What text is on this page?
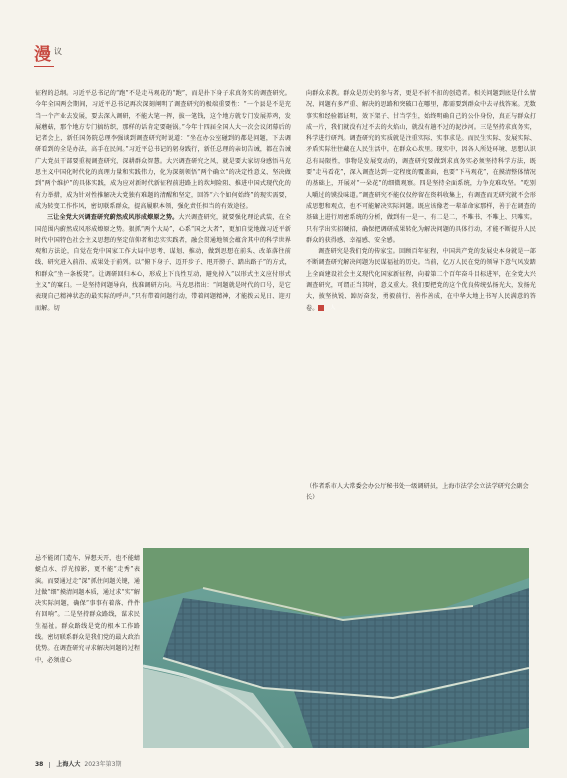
漫 议

征程的总纲。习近平总书记的“跑”不是走马观花的“跑”，而是扑下身子求真务实的调查研究。今年全国两会期间，习近平总书记再次深刻阐明了调查研究的极端重要性：“一个县是不是充当一个产业去发展，要去深入调研，不能大笔一挥，拔一笔钱，这个地方就专门发展养鸡，发展蘑菇，那个地方专门搞纺织，那样的话肯定要砸锅。”今年十四届全国人大一次会议闭幕后的记者会上，新任国务院总理李强谈到调查研究时说道：“坐在办公室碰到的都是问题，下去调研看到的全是办法，高手在民间。”习近平总书记的躬身践行，新任总理的亲切告诫，都在告诫广大党员干部要重视调查研究，深耕群众智慧。大兴调查研究之风，就是要大家切身感悟马克思主义中国化时代化的真理力量和实践伟力，化为深刻领悟“两个确立”的决定性意义、坚决做到“两个维护”的具体实践，成为应对新时代新征程前进路上的坎坷险阻、推进中国式现代化的有力举措，成为针对性推解决大党独有难题的清醒和坚定，回答“六个如何始终”的现实需要，成为转变工作作风，密切联系群众，提高履职本领，强化责任担当的有效途径。

三让全党大兴调查研究蔚然成风形成燎原之势。大兴调查研究，就要强化理论武装，在全国范围内蔚然成风形成燎原之势。狠抓“两个大局”，心系“国之大者”，更加自觉地做习近平新时代中国特色社会主义思想的坚定信仰者和忠实实践者，融会贯通地领会蕴含其中的科学世界观和方法论，自觉在党中国家工作大局中思考、谋划、推动，做到思想在前头、改革落往前线、研究进入前沿、成果处于前列。以“俯下身子、迈开步子、甩开膀子、踏出路子”的方式，和群众“坐一条板凳”。让调研回归本心，形成上下良性互动，避免掉入“以形式主义应付形式主义”的窠臼。一是坚持问题导向，找准调研方向。马克思指出：“问题就是时代的口号，是它表现自己精神状态的最实际的呼声。”只有带着问题行动，带着问题精神，才能拨云见日、迎刃而解。切

忌不能闭门造车、异想天开，也不能蜻蜓点水、浮光掠影，更不能“走秀”表演。而要通过走“深”抓住问题关键，通过做“细”摸清问题本质，通过求“实”解决实际问题，确保“事事有着落、件件有回响”。二是坚持群众路线，谋求民生福祉。群众路线是党的根本工作路线。密切联系群众是我们党的最大政治优势。在调查研究寻求解决问题的过程中，必须虚心

向群众求教。群众是历史的参与者，更是不折不扣的创造者。相关问题到底是什么情况、问题有多严重、解决的思路和突破口在哪里，都需要到群众中去寻找答案。无数事实和经验都证明，效下架子、甘当学生，始终明确自己的公仆身份，真正与群众打成一片，我们就没有过不去的火焰山，就没有趟不过的泥沙河。三是坚持求真务实，科学进行研判。调查研究的实质就是注重实际、实事求是。而民生实际、发展实际、矛盾实际往往藏在人民生活中，在群众心坎里。现实中，因各人所处环境、思想认识总有局限性，事物是发展变动的，调查研究要做到求真务实必须坚持科学方法，既要“走马看花”，深入调查达到一定程度的覆盖面，也要“下马观花”，在摸清整体情况的基础上，开展对“一朵花”的细微观察。四是坚持全面系统，力争克难攻坚。“吃别人嚼过的馍没味道。”调查研究不能仅仅停留在资料收集上，有调查而无研究就不会形成思想和观点，也不可能解决实际问题。既应该像老一辈革命家那样，善于在调查的基础上进行周密系统的分析，做到有一是一、有二是二，不唯书、不唯上、只唯实。只有学出实招硬招，确保把调研成果转化为解决问题的具体行动，才能不断提升人民群众的获得感、幸福感、安全感。

调查研究是我们党的传家宝。回顾百年征程，中国共产党的发展史本身就是一部不断调查研究解决问题为民谋福祉的历史。当前，亿万人民在党的领导下意气风发踏上全面建设社会主义现代化国家新征程，向着第二个百年奋斗目标进军，在全党大兴调查研究，可谓正当其时，意义重大。我们要把党的这个优良传统弘扬光大，发扬光大，披坚执锐、踔厉奋发，勇毅前行、善作善成，在中华大地上书写人民满意的答卷。 人

（作者系市人大常委会办公厅秘书处一级调研员，上海市法学会立法学研究会副会长）
38 上海人大 2023年第3期
